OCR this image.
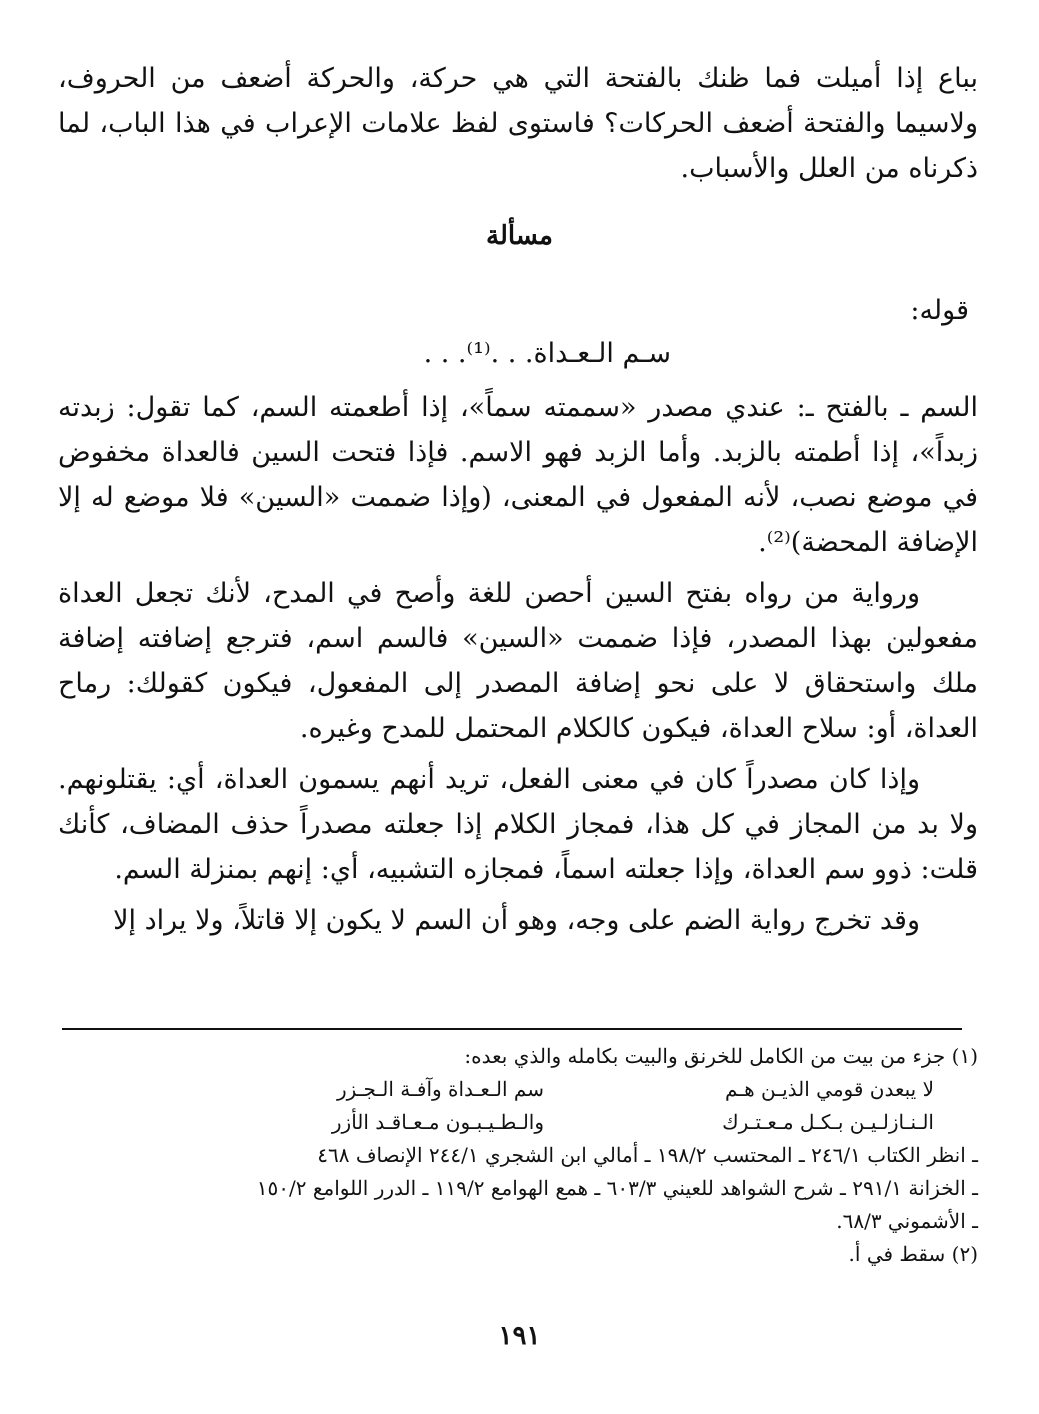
بباع إذا أميلت فما ظنك بالفتحة التي هي حركة، والحركة أضعف من الحروف، ولاسيما والفتحة أضعف الحركات؟ فاستوى لفظ علامات الإعراب في هذا الباب، لما ذكرناه من العلل والأسباب.

مسألة
قوله:
سـم الـعـداة. . .⁽¹⁾. . .

السم ـ بالفتح ـ: عندي مصدر «سممته سماً»، إذا أطعمته السم، كما تقول: زبدته زبداً»، إذا أطمته بالزبد. وأما الزبد فهو الاسم. فإذا فتحت السين فالعداة مخفوض في موضع نصب، لأنه المفعول في المعنى، (وإذا ضممت «السين» فلا موضع له إلا الإضافة المحضة)⁽²⁾.

ورواية من رواه بفتح السين أحصن للغة وأصح في المدح، لأنك تجعل العداة مفعولين بهذا المصدر، فإذا ضممت «السين» فالسم اسم، فترجع إضافته إضافة ملك واستحقاق لا على نحو إضافة المصدر إلى المفعول، فيكون كقولك: رماح العداة، أو: سلاح العداة، فيكون كالكلام المحتمل للمدح وغيره.

وإذا كان مصدراً كان في معنى الفعل، تريد أنهم يسمون العداة، أي: يقتلونهم. ولا بد من المجاز في كل هذا، فمجاز الكلام إذا جعلته مصدراً حذف المضاف، كأنك قلت: ذوو سم العداة، وإذا جعلته اسماً، فمجازه التشبيه، أي: إنهم بمنزلة السم.

وقد تخرج رواية الضم على وجه، وهو أن السم لا يكون إلا قاتلاً، ولا يراد إلا

(١) جزء من بيت من الكامل للخرنق والبيت بكامله والذي بعده:

لا يبعدن قومي الذيـن هـم
سم الـعـداة وآفـة الـجـزر
الـنـازلـيـن بـكـل مـعـتـرك
والـطـيـبـون مـعـاقـد الأزر

ـ انظر الكتاب ٢٤٦/١ ـ المحتسب ١٩٨/٢ ـ أمالي ابن الشجري ٢٤٤/١ الإنصاف ٤٦٨

ـ الخزانة ٢٩١/١ ـ شرح الشواهد للعيني ٦٠٣/٣ ـ همع الهوامع ١١٩/٢ ـ الدرر اللوامع ١٥٠/٢

ـ الأشموني ٦٨/٣.

(٢) سقط في أ.

١٩١
